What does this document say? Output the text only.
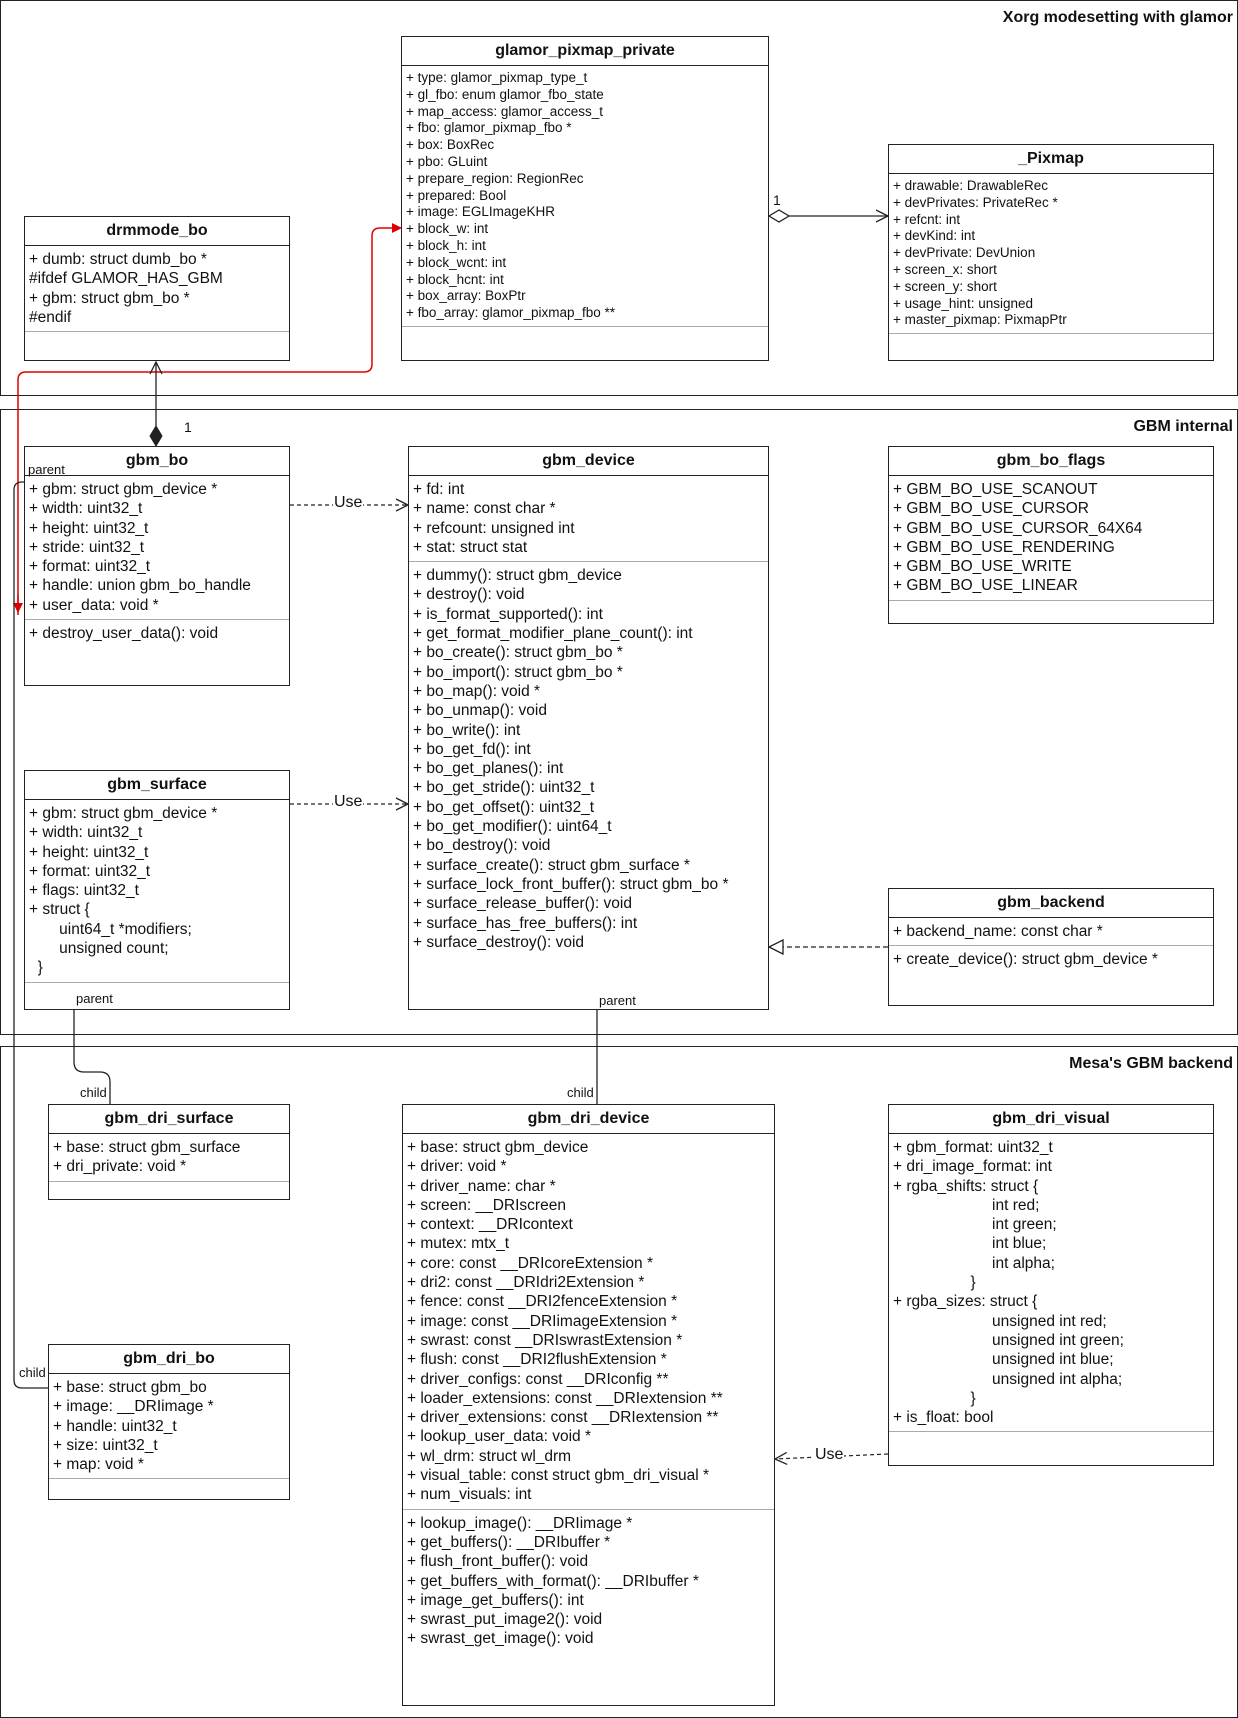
Xorg modesetting with glamor
GBM internal
Mesa's GBM backend
glamor_pixmap_private
+ type: glamor_pixmap_type_t
+ gl_fbo: enum glamor_fbo_state
+ map_access: glamor_access_t
+ fbo: glamor_pixmap_fbo *
+ box: BoxRec
+ pbo: GLuint
+ prepare_region: RegionRec
+ prepared: Bool
+ image: EGLImageKHR
+ block_w: int
+ block_h: int
+ block_wcnt: int
+ block_hcnt: int
+ box_array: BoxPtr
+ fbo_array: glamor_pixmap_fbo **
_Pixmap
+ drawable: DrawableRec
+ devPrivates: PrivateRec *
+ refcnt: int
+ devKind: int
+ devPrivate: DevUnion
+ screen_x: short
+ screen_y: short
+ usage_hint: unsigned
+ master_pixmap: PixmapPtr
drmmode_bo
+ dumb: struct dumb_bo *
#ifdef GLAMOR_HAS_GBM
+ gbm: struct gbm_bo *
#endif
gbm_bo
+ gbm: struct gbm_device *
+ width: uint32_t
+ height: uint32_t
+ stride: uint32_t
+ format: uint32_t
+ handle: union gbm_bo_handle
+ user_data: void *
+ destroy_user_data(): void
gbm_device
+ fd: int
+ name: const char *
+ refcount: unsigned int
+ stat: struct stat
+ dummy(): struct gbm_device
+ destroy(): void
+ is_format_supported(): int
+ get_format_modifier_plane_count(): int
+ bo_create(): struct gbm_bo *
+ bo_import(): struct gbm_bo *
+ bo_map(): void *
+ bo_unmap(): void
+ bo_write(): int
+ bo_get_fd(): int
+ bo_get_planes(): int
+ bo_get_stride(): uint32_t
+ bo_get_offset(): uint32_t
+ bo_get_modifier(): uint64_t
+ bo_destroy(): void
+ surface_create(): struct gbm_surface *
+ surface_lock_front_buffer(): struct gbm_bo *
+ surface_release_buffer(): void
+ surface_has_free_buffers(): int
+ surface_destroy(): void
gbm_bo_flags
+ GBM_BO_USE_SCANOUT
+ GBM_BO_USE_CURSOR
+ GBM_BO_USE_CURSOR_64X64
+ GBM_BO_USE_RENDERING
+ GBM_BO_USE_WRITE
+ GBM_BO_USE_LINEAR
gbm_surface
+ gbm: struct gbm_device *
+ width: uint32_t
+ height: uint32_t
+ format: uint32_t
+ flags: uint32_t
+ struct {
uint64_t *modifiers;
unsigned count;
}
gbm_backend
+ backend_name: const char *
+ create_device(): struct gbm_device *
gbm_dri_surface
+ base: struct gbm_surface
+ dri_private: void *
gbm_dri_device
+ base: struct gbm_device
+ driver: void *
+ driver_name: char *
+ screen: __DRIscreen
+ context: __DRIcontext
+ mutex: mtx_t
+ core: const __DRIcoreExtension *
+ dri2: const __DRIdri2Extension *
+ fence: const __DRI2fenceExtension *
+ image: const __DRIimageExtension *
+ swrast: const __DRIswrastExtension *
+ flush: const __DRI2flushExtension *
+ driver_configs: const __DRIconfig **
+ loader_extensions: const __DRIextension **
+ driver_extensions: const __DRIextension **
+ lookup_user_data: void *
+ wl_drm: struct wl_drm
+ visual_table: const struct gbm_dri_visual *
+ num_visuals: int
+ lookup_image(): __DRIimage *
+ get_buffers(): __DRIbuffer *
+ flush_front_buffer(): void
+ get_buffers_with_format(): __DRIbuffer *
+ image_get_buffers(): int
+ swrast_put_image2(): void
+ swrast_get_image(): void
gbm_dri_visual
+ gbm_format: uint32_t
+ dri_image_format: int
+ rgba_shifts: struct {
int red;
int green;
int blue;
int alpha;
}
+ rgba_sizes: struct {
unsigned int red;
unsigned int green;
unsigned int blue;
unsigned int alpha;
}
+ is_float: bool
gbm_dri_bo
+ base: struct gbm_bo
+ image: __DRIimage *
+ handle: uint32_t
+ size: uint32_t
+ map: void *
1
1
Use
Use
Use
parent
parent	parent
child	child
child
